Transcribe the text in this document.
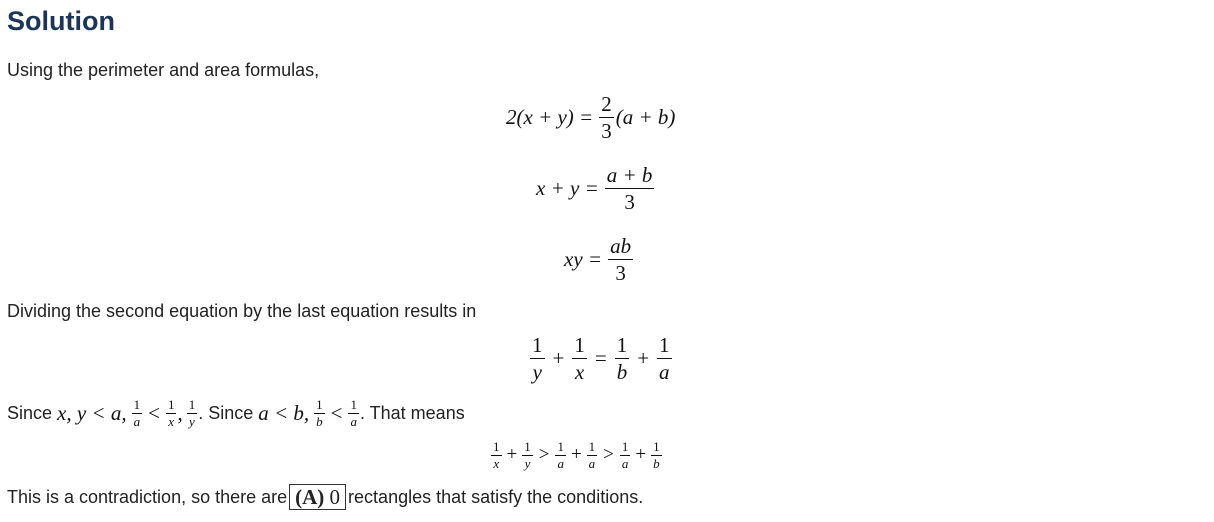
Solution
Using the perimeter and area formulas,
$2(x + y) = \frac{2}{3} (a + b)$
$x + y = \frac{a + b}{3}$
xy = $\frac{ab}{3}$
Dividing the second equation by the last equation results in
$\frac{1}{y} + \frac{1}{x} = \frac{1}{b} + \frac{1}{a}$
Since x, y < a, $\frac{1}{a} < \frac{1}{x}$ , $\frac{1}{y}$ . Since a < b, $\frac{1}{b} < \frac{1}{a}$ . That means
$\frac{1}{x} + \frac{1}{y} > \frac{1}{a} + \frac{1}{a} > \frac{1}{a} + \frac{1}{b}$
This is a contradiction, so there are (A) 0 rectangles that satisfy the conditions.
